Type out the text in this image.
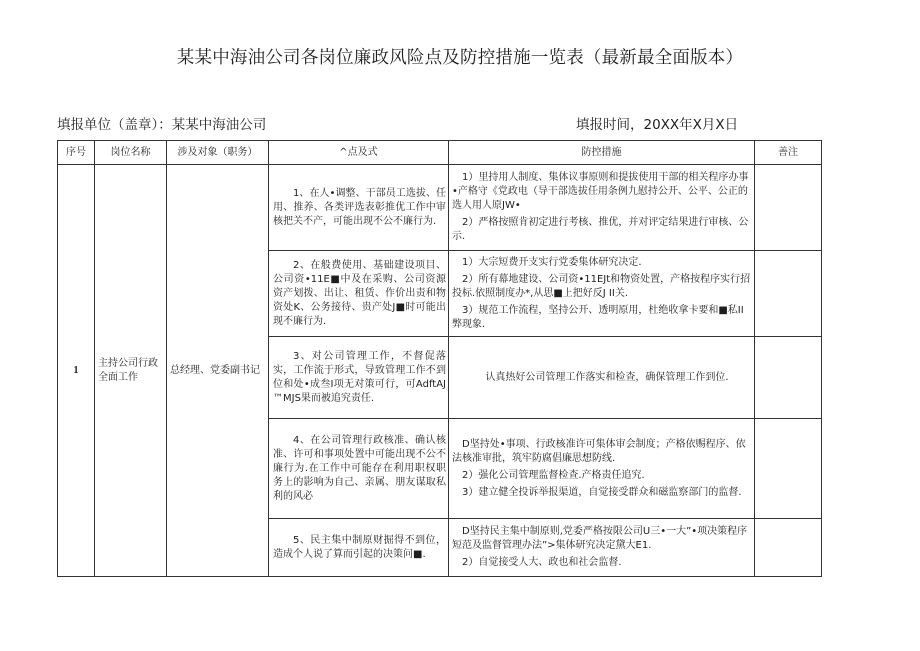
某某中海油公司各岗位廉政风险点及防控措施一览表（最新最全面版本）
填报单位（盖章）：某某中海油公司	填报时间，20XX年X月X日
序号	岗位名称	涉及对象（职务）	^点及式	防控措施	善注
1	主持公司行政全面工作	总经理、党委副书记	1、在人•调整、干部员工选拔、任用、推养、各类评选表彰推优工作中审核把关不产，可能出现不公不廉行为.	1）里持用人制度、集体议事原则和提拔使用干部的相关程序办事•产格守《党政电（导干部选拔任用条例九慰持公开、公平、公正的选人用人原JW•

2）严格按照肯初定进行考核、推优，并对评定结果进行审核、公示.	

			2、在般费使用、基础建设项目、公司资•11E■中及在采购、公司资源资产划拨、出让、租赁、作价出责和物资处K、公务接待、贵产处J■时可能出现不廉行为.	1）大宗短费开支实行党委集体研究决定.

2）所有幕地建设、公司资•11EJt和物资处置，产格按程序实行招投标.依照制度办*,从思■上把好反J II关.

3）规范工作流程，坚持公开、透明原用，杜绝收拿卡要和■私II弊现象.	

			3、对公司管理工作，不督促落实，工作流于形式，导致管理工作不到位和处•成叁I项无对策可行，可AdftAJ™MJS果而被追究责任.	认真热好公司管理工作落实和检查，确保管理工作到位.	

			4、在公司管理行政核准、确认核准、许可和事项处置中可能出现不公不廉行为.在工作中可能存在利用职权职务上的影响为自己、亲属、朋友谋取私利的风必	D坚持处•事项、行政核准许可集体审会制度；产格依赐程序、依法核准审批，筑牢防腐倡廉思想防线.

2）强化公司管理监督检查.产格责任追究.

3）建立健全投诉举报渠道，自觉接受群众和磁监察部门的监督.	

			5、民主集中制原财掘得不到位，造成个人说了算而引起的决策问■.	D坚持民主集中制原则,党委严格按限公司U三•一大”•项决策程序短范及监督管理办法”>集体研究决定黛大E1.

2）自觉接受人大、政也和社会监督.	
